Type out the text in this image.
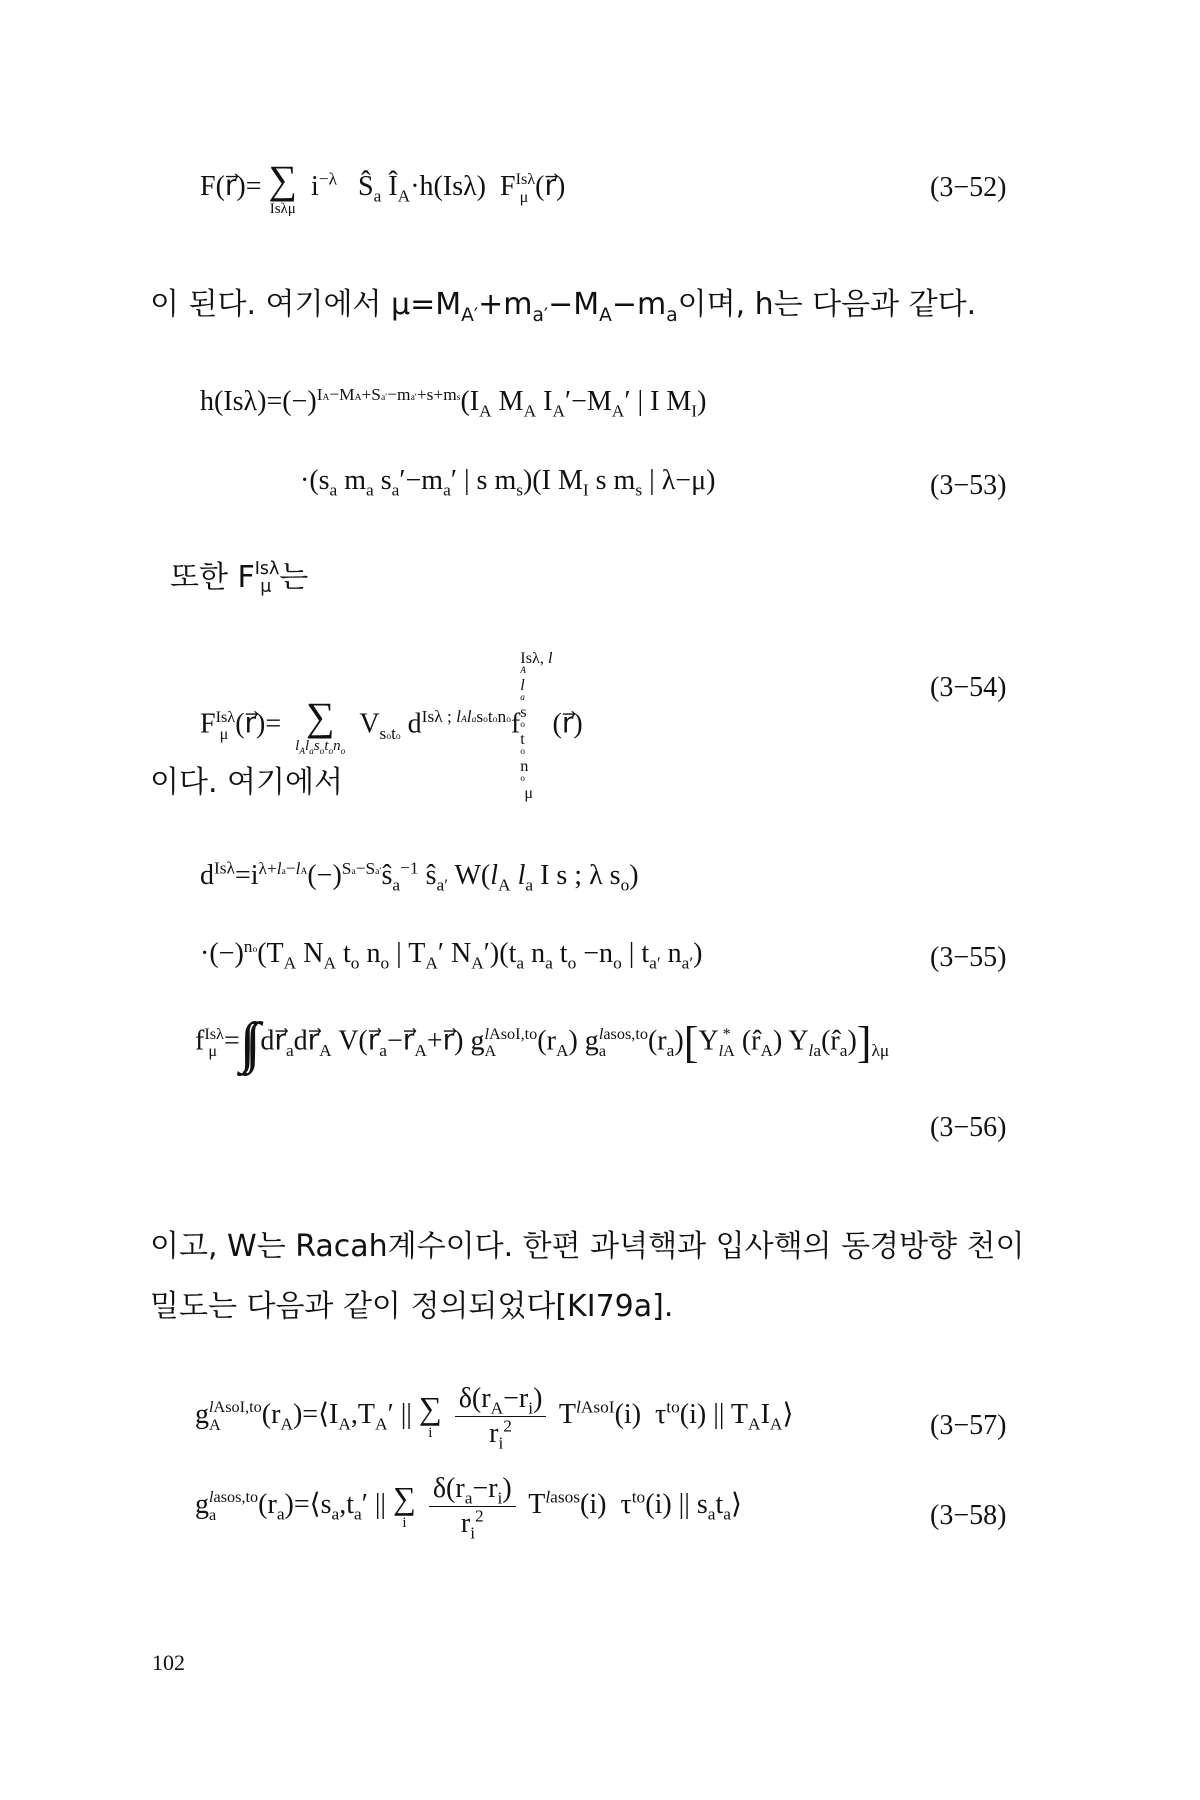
F(r⃗)= ∑
Isλμ
$i^{-\lambda}$   $Ŝ_a$ $Î_A\cdot h(Is\lambda)$  F Isλ
μ (r⃗)	(3−52)
이 된다. 여기에서 $\mu=M_{A'}+m_{a'}-M_A-m_a$이며, h는 다음과 같다.
$h(Is\lambda)=(-)^{IA-MA+Sa'-ma'+s+ms}(I_A$ $M_A$ $I_A'-M_A'$ | I $M_I$)
$\cdot(s_a$ $m_a$ $s_a'-m_a'$ | s $m_s)(I$ $M_I$ s $m_s$ | λ−μ)	(3−53)
또한 F Isλ
μ 는
F Isλ
μ (r⃗)= ∑
$l_Al_as_ot_on_o$
$V_{soto}$ $d^{Is\lambda ; lAlasotono}f$
Isλ, l
A
l
a
s
o
t
o
n
o
μ
(r⃗)
(3−54)
이다. 여기에서
$d^{Is\lambda}=i^{\lambda+la-lA}(-)^{Sa-Sa'}ŝ_a^{-1}$ $ŝ_{a'}$ $W(l_A$ $l_a$ I s ; λ $s_o$)
$\cdot(-)^{no}(T_A$ $N_A$ $t_o$ $n_o$ | $T_A'$ $N_A')(t_a$ $n_a$ $t_o -n_o$ | $t_{a'}$ $n_{a'}$)	(3−55)
f Isλ
μ =∫∫ $dr⃗_adr⃗_A$ $V(r⃗_a-r⃗_A+r⃗)$ g lAsoI,to
A	$(r_A)$ g lasos,to
a	$(r_a)[Y$ *
lA $(r̂_A)$ $Y_{la}(r̂_a)]_{\lambda\mu}$
(3−56)
이고, W는 Racah계수이다. 한편 과녁핵과 입사핵의 동경방향 천이
밀도는 다음과 같이 정의되었다[KI79a].
g lAsoI,to
A	$(r_A)=⟨I_A,T_A'$ || ∑
i
$\frac{\delta(r_A-r_i)}{r_i^2} T^{lAsoI}(i)$  $\tau^{to}(i)$ || $T_AI_A⟩$	(3−57)
g lasos,to
a	$(r_a)=⟨s_a,t_a'$ || ∑
i
$\frac{\delta(r_a-r_i)}{r_i^2} T^{lasos}(i)$  $\tau^{to}(i)$ || $s_at_a⟩$	(3−58)
102
